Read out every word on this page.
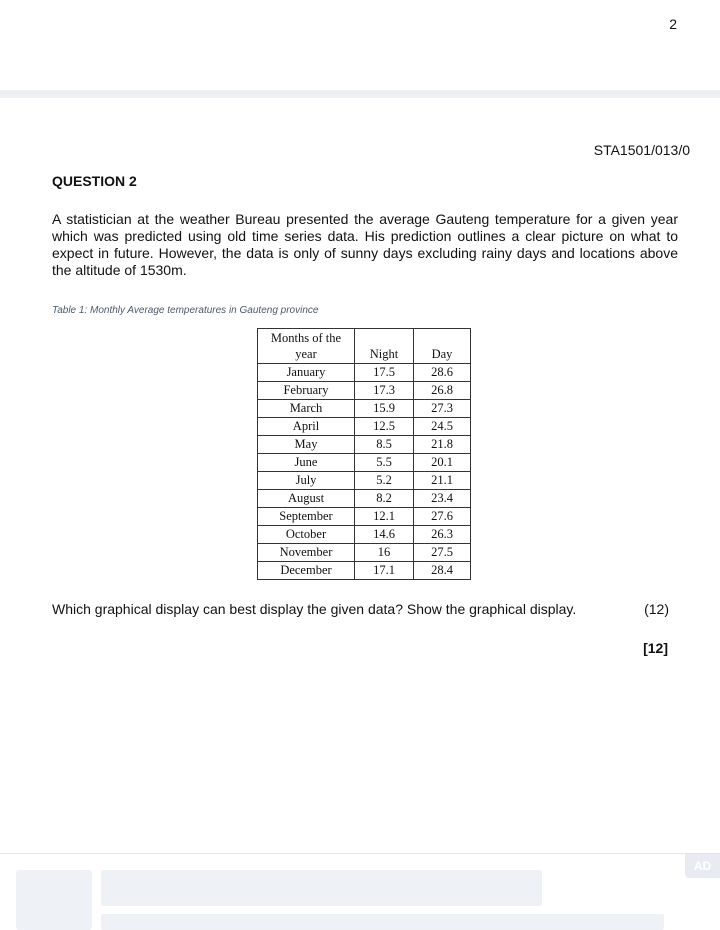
2
STA1501/013/0
QUESTION 2

A statistician at the weather Bureau presented the average Gauteng temperature for a given year which was predicted using old time series data. His prediction outlines a clear picture on what to expect in future. However, the data is only of sunny days excluding rainy days and locations above the altitude of 1530m.

Table 1: Monthly Average temperatures in Gauteng province
Months of the year	Night	Day
January	17.5	28.6
February	17.3	26.8
March	15.9	27.3
April	12.5	24.5
May	8.5	21.8
June	5.5	20.1
July	5.2	21.1
August	8.2	23.4
September	12.1	27.6
October	14.6	26.3
November	16	27.5
December	17.1	28.4
Which graphical display can best display the given data? Show the graphical display.	(12)
[12]
AD
